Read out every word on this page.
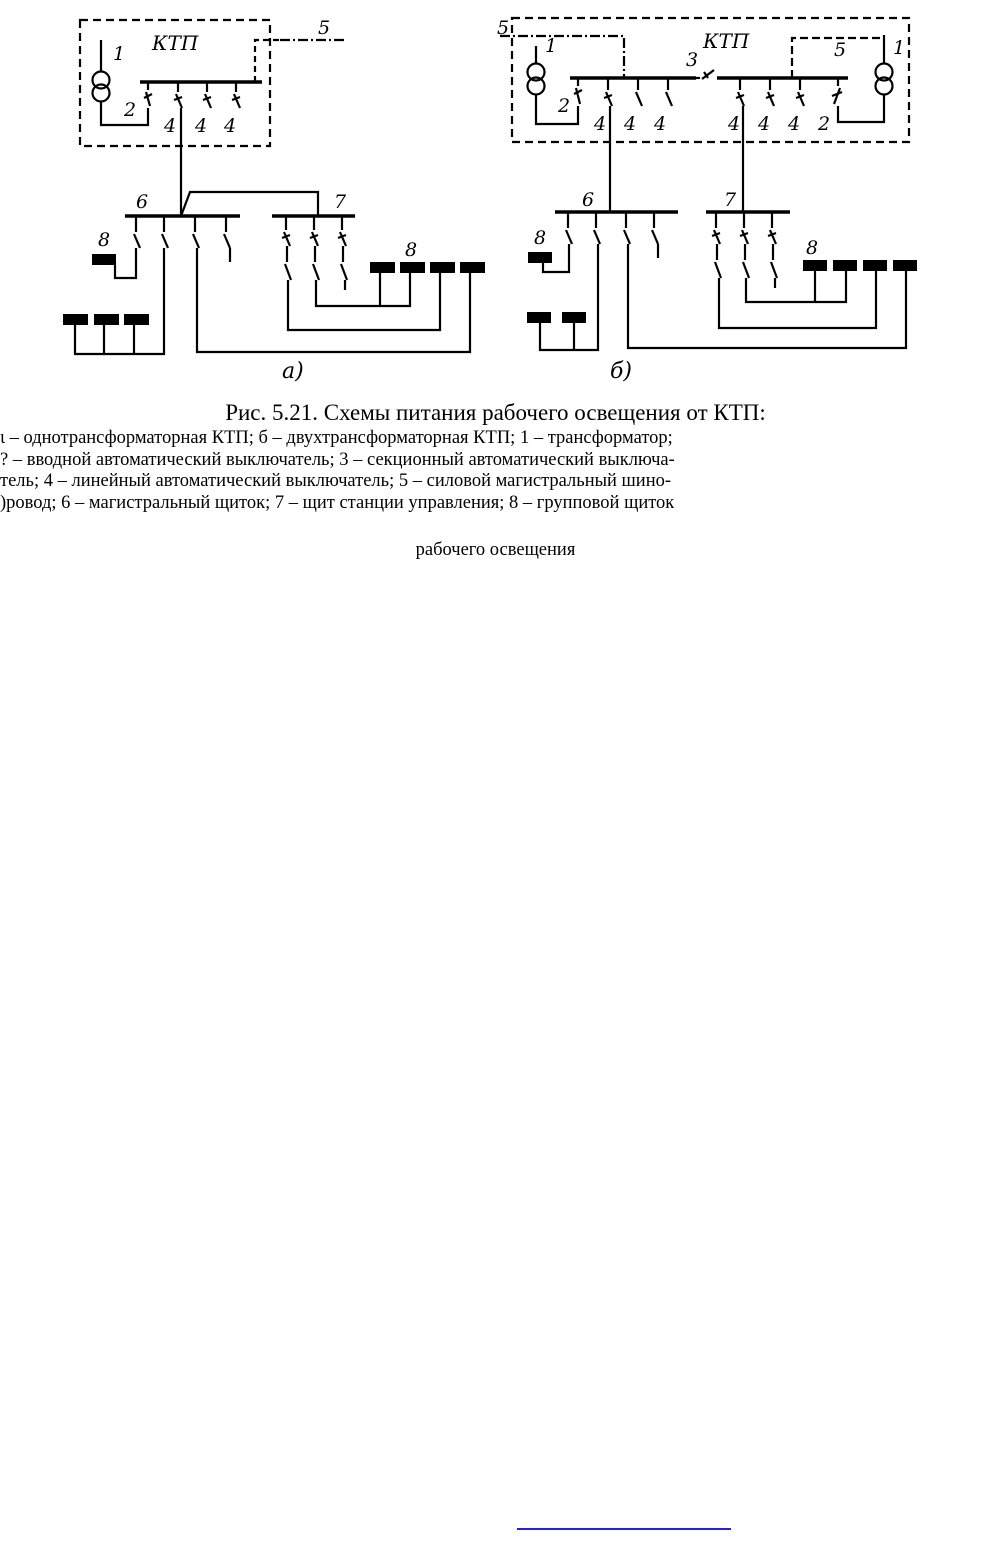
КТП
1
2
4 4 4
5
6	7
8	8
а)
КТП
5
5
1	1
3
2
4 4 4	4 4 4 2
6	7
8	8
б)
Рис. 5.21. Схемы питания рабочего освещения от КТП:
ι – однотрансформаторная КТП; б – двухтрансформаторная КТП; 1 – трансформатор;
? – вводной автоматический выключатель; 3 – секционный автоматический выключа-
тель; 4 – линейный автоматический выключатель; 5 – силовой магистральный шино-
)ровод; 6 – магистральный щиток; 7 – щит станции управления; 8 – групповой щиток
рабочего освещения
